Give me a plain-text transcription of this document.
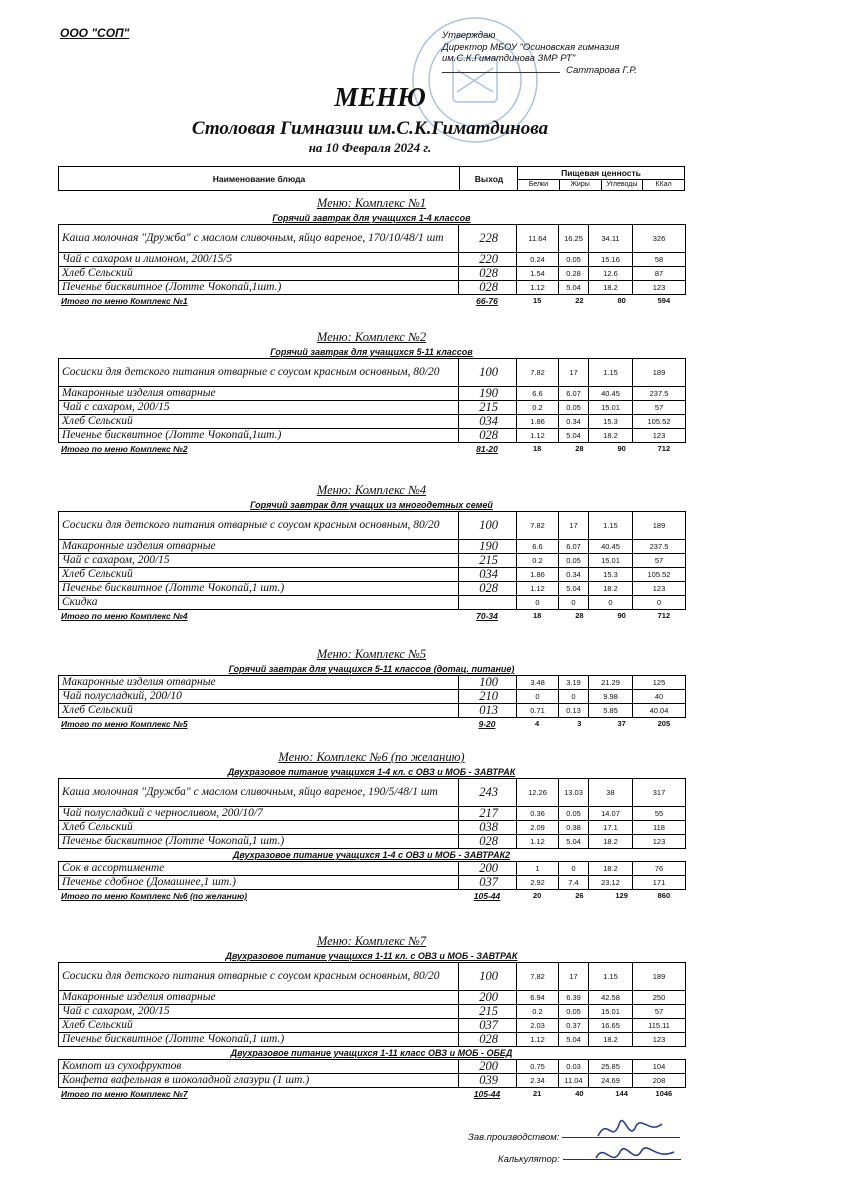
ООО "СОП"	Утверждаю
Директор МБОУ "Осиновская гимназия
им.С.К.Гиматдинова ЗМР РТ"
Саттарова Г.Р.
МЕНЮ
Столовая Гимназии им.С.К.Гиматдинова
на 10 Февраля 2024 г.
Наименование блюда	Выход
Пищевая ценность
Белки	Жиры	Углеводы	ККал
Меню: Комплекс №1
Горячий завтрак для учащихся 1-4 классов
Каша молочная "Дружба" с маслом сливочным, яйцо вареное, 170/10/48/1 шт	228	11.64	16.25	34.11	326
Чай с сахаром и лимоном, 200/15/5	220	0.24	0.05	15.16	58
Хлеб Сельский	028	1.54	0.28	12.6	87
Печенье бисквитное (Лотте Чокопай,1шт.)	028	1.12	5.04	18.2	123
Итого по меню Комплекс №1	66-76	15	22	80	594
Меню: Комплекс №2
Горячий завтрак для учащихся 5-11 классов
Сосиски для детского питания отварные с соусом красным основным, 80/20	100	7.82	17	1.15	189
Макаронные изделия отварные	190	6.6	6.07	40.45	237.5
Чай с сахаром, 200/15	215	0.2	0.05	15.01	57
Хлеб Сельский	034	1.86	0.34	15.3	105.52
Печенье бисквитное (Лотте Чокопай,1шт.)	028	1.12	5.04	18.2	123
Итого по меню Комплекс №2	81-20	18	28	90	712
Меню: Комплекс №4
Горячий завтрак для учащих из многодетных семей
Сосиски для детского питания отварные с соусом красным основным, 80/20	100	7.82	17	1.15	189
Макаронные изделия отварные	190	6.6	6.07	40.45	237.5
Чай с сахаром, 200/15	215	0.2	0.05	15.01	57
Хлеб Сельский	034	1.86	0.34	15.3	105.52
Печенье бисквитное (Лотте Чокопай,1 шт.)	028	1.12	5.04	18.2	123
Скидка		0	0	0	0
Итого по меню Комплекс №4	70-34	18	28	90	712
Меню: Комплекс №5
Горячий завтрак для учащихся 5-11 классов (дотац. питание)
Макаронные изделия отварные	100	3.48	3.19	21.29	125
Чай полусладкий, 200/10	210	0	0	9.98	40
Хлеб Сельский	013	0.71	0.13	5.85	40.04
Итого по меню Комплекс №5	9-20	4	3	37	205
Меню: Комплекс №6 (по желанию)
Двухразовое питание учащихся 1-4 кл. с ОВЗ и МОБ - ЗАВТРАК
Каша молочная "Дружба" с маслом сливочным, яйцо вареное, 190/5/48/1 шт	243	12.26	13.03	38	317
Чай полусладкий с черносливом, 200/10/7	217	0.36	0.05	14.07	55
Хлеб Сельский	038	2.09	0.38	17.1	118
Печенье бисквитное (Лотте Чокопай,1 шт.)	028	1.12	5.04	18.2	123
Двухразовое питание учащихся 1-4 с ОВЗ и МОБ - ЗАВТРАК2
Сок в ассортименте	200	1	0	18.2	76
Печенье сдобное (Домашнее,1 шт.)	037	2.92	7.4	23.12	171
Итого по меню Комплекс №6 (по желанию)	105-44	20	26	129	860
Меню: Комплекс №7
Двухразовое питание учащихся 1-11 кл. с ОВЗ и МОБ - ЗАВТРАК
Сосиски для детского питания отварные с соусом красным основным, 80/20	100	7.82	17	1.15	189
Макаронные изделия отварные	200	6.94	6.39	42.58	250
Чай с сахаром, 200/15	215	0.2	0.05	15.01	57
Хлеб Сельский	037	2.03	0.37	16.65	115.11
Печенье бисквитное (Лотте Чокопай,1 шт.)	028	1.12	5.04	18.2	123
Двухразовое питание учащихся 1-11 класс ОВЗ и МОБ - ОБЕД
Компот из сухофруктов	200	0.75	0.03	25.85	104
Конфета вафельная в шоколадной глазури (1 шт.)	039	2.34	11.04	24.69	208
Итого по меню Комплекс №7	105-44	21	40	144	1046
Зав.производством:
Калькулятор:
